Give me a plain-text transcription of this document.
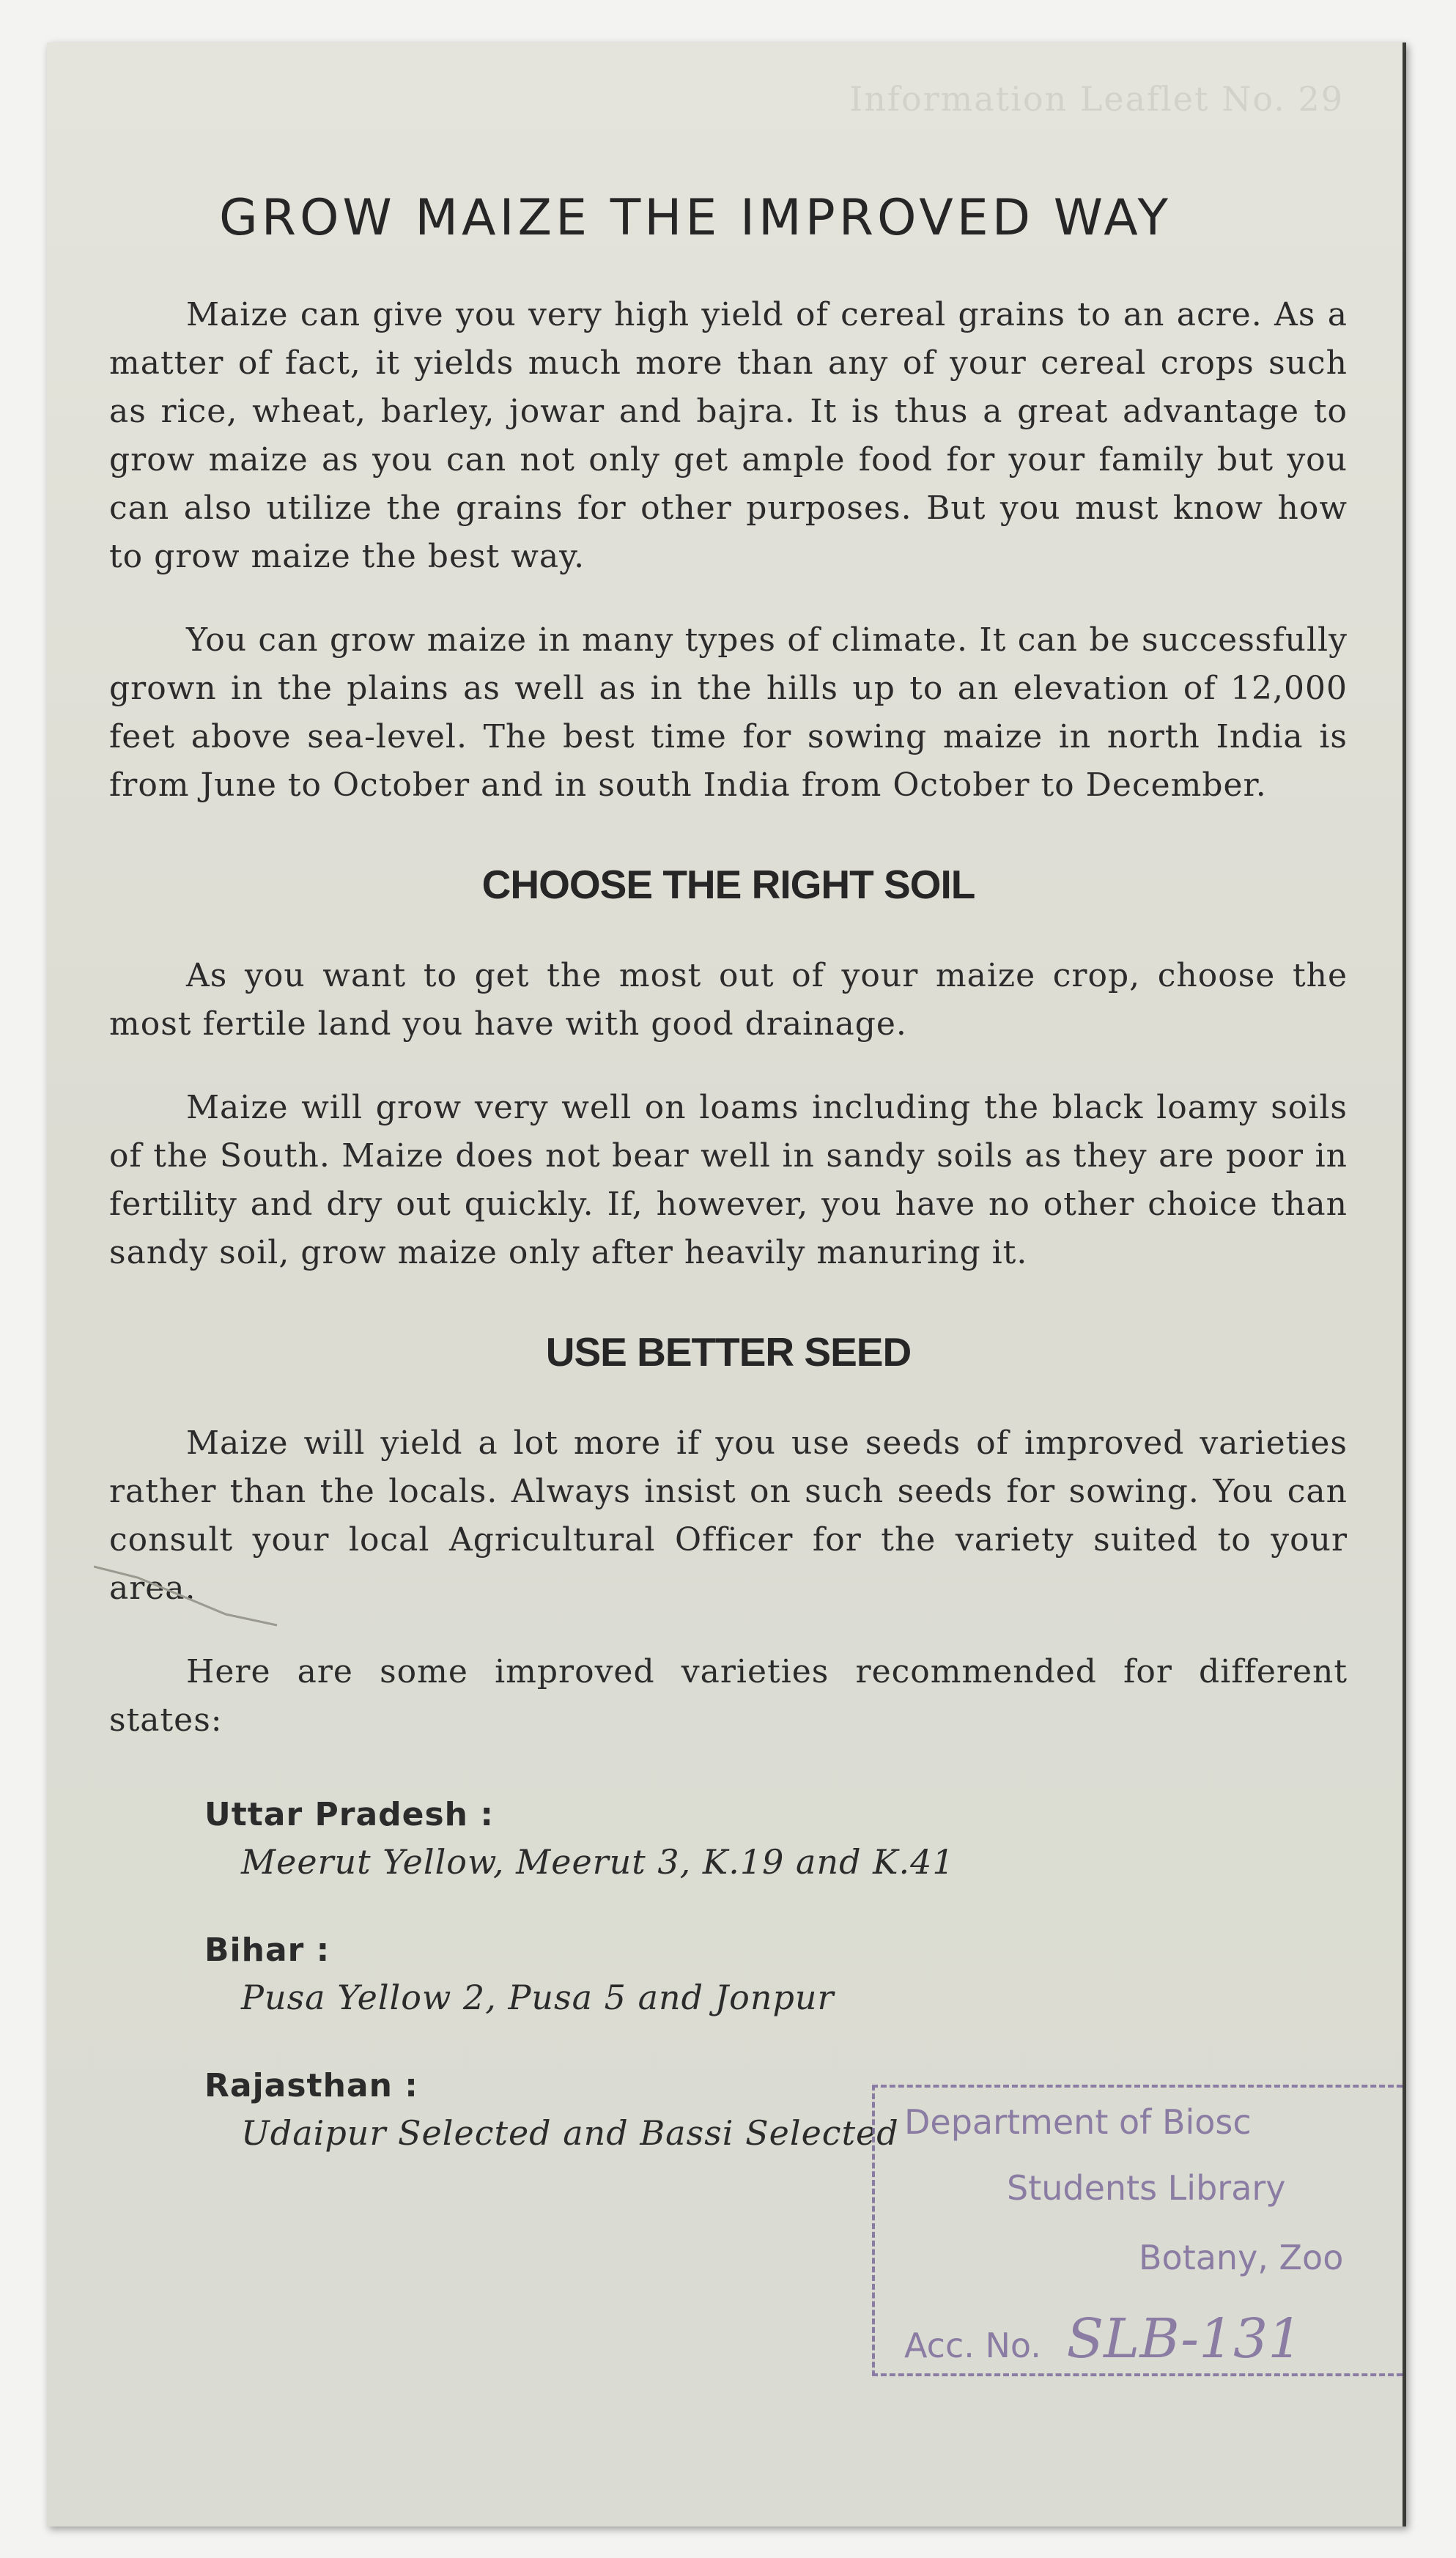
Information Leaflet No. 29
GROW MAIZE THE IMPROVED WAY

Maize can give you very high yield of cereal grains to an acre. As a matter of fact, it yields much more than any of your cereal crops such as rice, wheat, barley, jowar and bajra. It is thus a great advantage to grow maize as you can not only get ample food for your family but you can also utilize the grains for other purposes. But you must know how to grow maize the best way.

You can grow maize in many types of climate. It can be successfully grown in the plains as well as in the hills up to an elevation of 12,000 feet above sea-level. The best time for sowing maize in north India is from June to October and in south India from October to December.

CHOOSE THE RIGHT SOIL

As you want to get the most out of your maize crop, choose the most fertile land you have with good drainage.

Maize will grow very well on loams including the black loamy soils of the South. Maize does not bear well in sandy soils as they are poor in fertility and dry out quickly. If, however, you have no other choice than sandy soil, grow maize only after heavily manuring it.

USE BETTER SEED

Maize will yield a lot more if you use seeds of improved varieties rather than the locals. Always insist on such seeds for sowing. You can consult your local Agricultural Officer for the variety suited to your area.

Here are some improved varieties recommended for different states:

Uttar Pradesh :
Meerut Yellow, Meerut 3, K.19 and K.41
Bihar :
Pusa Yellow 2, Pusa 5 and Jonpur
Rajasthan :
Udaipur Selected and Bassi Selected Department of Biosc
Students Library
Botany, Zoo
Acc. No. SLB-131
